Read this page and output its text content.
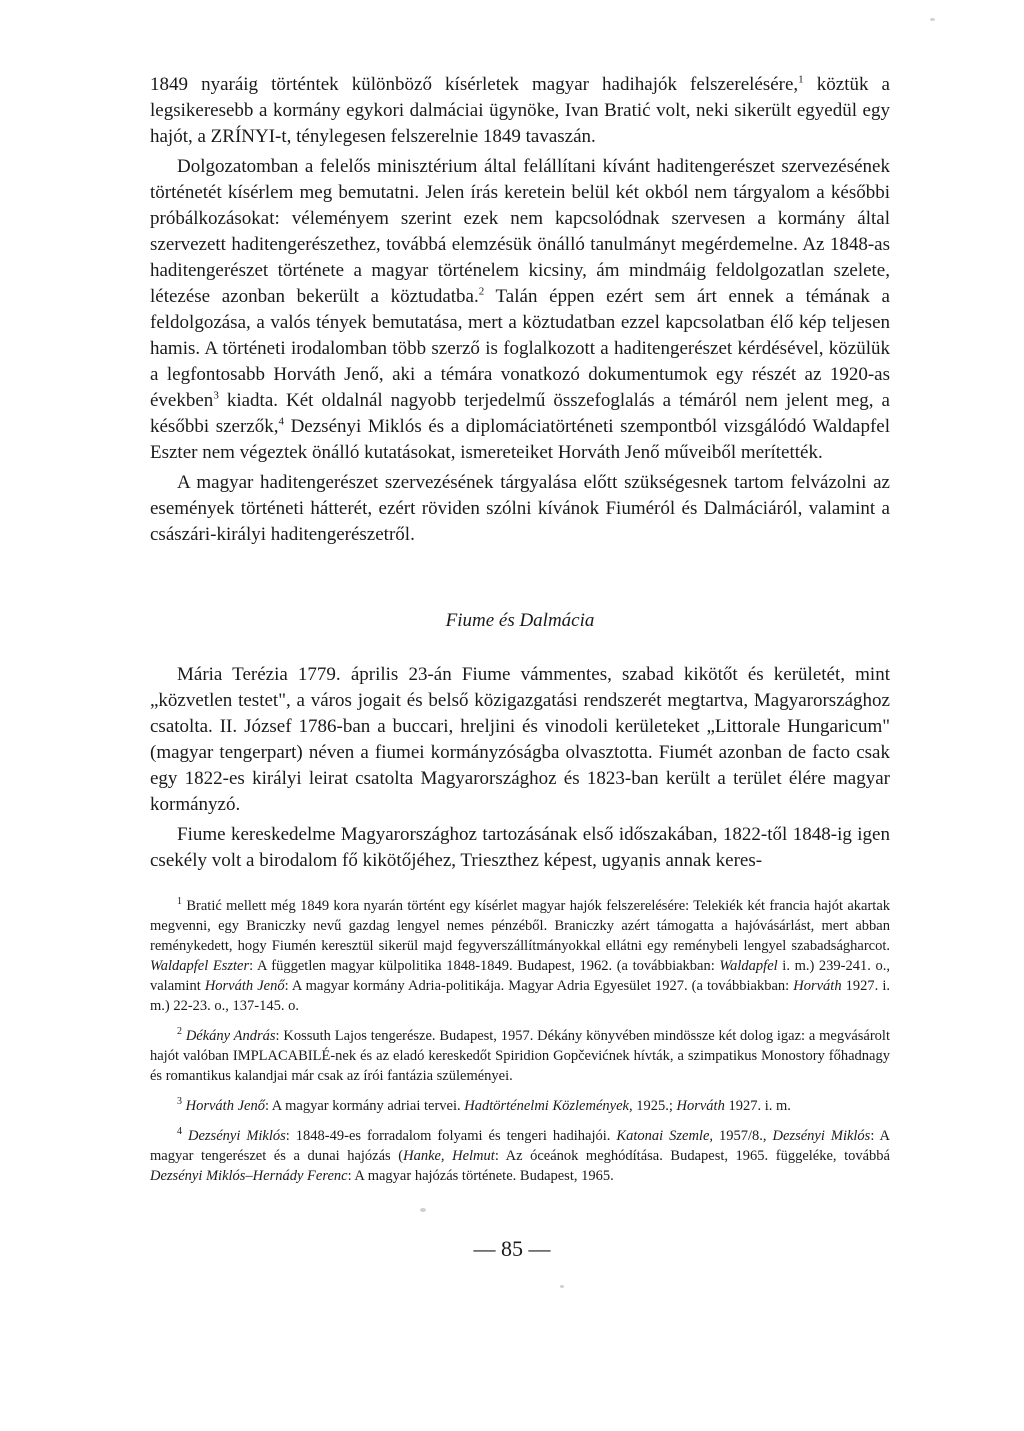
1849 nyaráig történtek különböző kísérletek magyar hadihajók felszerelésére,$^1$ köztük a legsikeresebb a kormány egykori dalmáciai ügynöke, Ivan Bratić volt, neki sikerült egyedül egy hajót, a ZRÍNYI-t, ténylegesen felszerelnie 1849 tavaszán.

Dolgozatomban a felelős minisztérium által felállítani kívánt haditengerészet szervezésének történetét kísérlem meg bemutatni. Jelen írás keretein belül két okból nem tárgyalom a későbbi próbálkozásokat: véleményem szerint ezek nem kapcsolódnak szervesen a kormány által szervezett haditengerészethez, továbbá elemzésük önálló tanulmányt megérdemelne. Az 1848-as haditengerészet története a magyar történelem kicsiny, ám mindmáig feldolgozatlan szelete, létezése azonban bekerült a köztudatba.$^2$ Talán éppen ezért sem árt ennek a témának a feldolgozása, a valós tények bemutatása, mert a köztudatban ezzel kapcsolatban élő kép teljesen hamis. A történeti irodalomban több szerző is foglalkozott a haditengerészet kérdésével, közülük a legfontosabb Horváth Jenő, aki a témára vonatkozó dokumentumok egy részét az 1920-as években$^3$ kiadta. Két oldalnál nagyobb terjedelmű összefoglalás a témáról nem jelent meg, a későbbi szerzők,$^4$ Dezsényi Miklós és a diplomáciatörténeti szempontból vizsgálódó Waldapfel Eszter nem végeztek önálló kutatásokat, ismereteiket Horváth Jenő műveiből merítették.

A magyar haditengerészet szervezésének tárgyalása előtt szükségesnek tartom felvázolni az események történeti hátterét, ezért röviden szólni kívánok Fiuméról és Dalmáciáról, valamint a császári-királyi haditengerészetről.

Fiume és Dalmácia

Mária Terézia 1779. április 23-án Fiume vámmentes, szabad kikötőt és kerületét, mint „közvetlen testet", a város jogait és belső közigazgatási rendszerét megtartva, Magyarországhoz csatolta. II. József 1786-ban a buccari, hreljini és vinodoli kerületeket „Littorale Hungaricum" (magyar tengerpart) néven a fiumei kormányzóságba olvasztotta. Fiumét azonban de facto csak egy 1822-es királyi leirat csatolta Magyarországhoz és 1823-ban került a terület élére magyar kormányzó.

Fiume kereskedelme Magyarországhoz tartozásának első időszakában, 1822-től 1848-ig igen csekély volt a birodalom fő kikötőjéhez, Trieszthez képest, ugyanis annak keres-

$^1$ Bratić mellett még 1849 kora nyarán történt egy kísérlet magyar hajók felszerelésére: Telekiék két francia hajót akartak megvenni, egy Braniczky nevű gazdag lengyel nemes pénzéből. Braniczky azért támogatta a hajóvásárlást, mert abban reménykedett, hogy Fiumén keresztül sikerül majd fegyverszállítmányokkal ellátni egy reménybeli lengyel szabadságharcot. Waldapfel Eszter: A független magyar külpolitika 1848-1849. Budapest, 1962. (a továbbiakban: Waldapfel i. m.) 239-241. o., valamint Horváth Jenő: A magyar kormány Adria-politikája. Magyar Adria Egyesület 1927. (a továbbiakban: Horváth 1927. i. m.) 22-23. o., 137-145. o.

$^2$ Dékány András: Kossuth Lajos tengerésze. Budapest, 1957. Dékány könyvében mindössze két dolog igaz: a megvásárolt hajót valóban IMPLACABILÉ-nek és az eladó kereskedőt Spiridion Gopčevićnek hívták, a szimpatikus Monostory főhadnagy és romantikus kalandjai már csak az írói fantázia szüleményei.

$^3$ Horváth Jenő: A magyar kormány adriai tervei. Hadtörténelmi Közlemények, 1925.; Horváth 1927. i. m.

$^4$ Dezsényi Miklós: 1848-49-es forradalom folyami és tengeri hadihajói. Katonai Szemle, 1957/8., Dezsényi Miklós: A magyar tengerészet és a dunai hajózás (Hanke, Helmut: Az óceánok meghódítása. Budapest, 1965. függeléke, továbbá Dezsényi Miklós–Hernády Ferenc: A magyar hajózás története. Budapest, 1965.

— 85 —
